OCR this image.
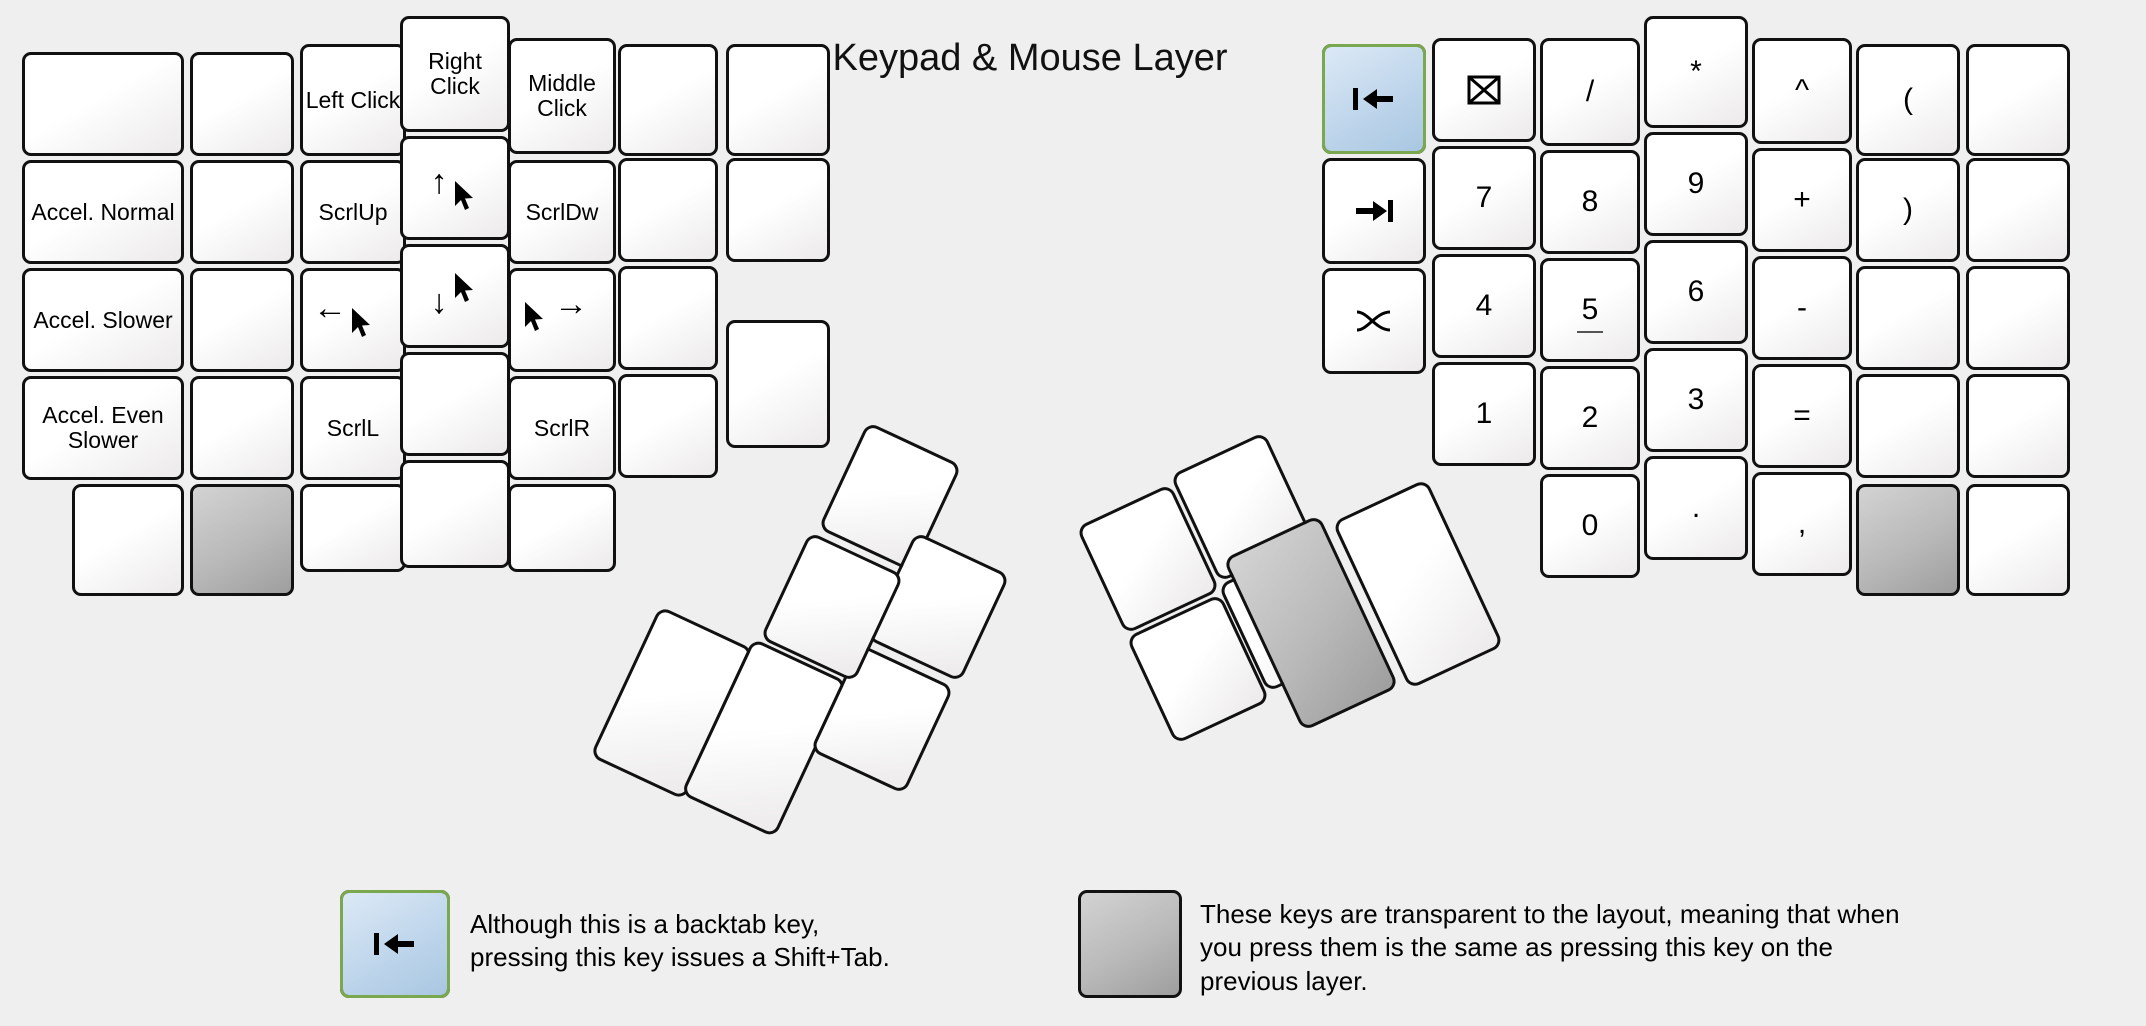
Keypad & Mouse Layer
Left Click
Right Click	Middle Click
Accel. Normal	ScrlUp
↑
ScrlDw
Accel. Slower	← ↓	→
Accel. Even Slower	ScrlL	ScrlR
/
*
^	(
7	8
9	+	)
4	5
6	-
1	2
3	=
0
.	,
Although this is a backtab key, pressing this key issues a Shift+Tab.
These keys are transparent to the layout, meaning that when you press them is the same as pressing this key on the previous layer.
